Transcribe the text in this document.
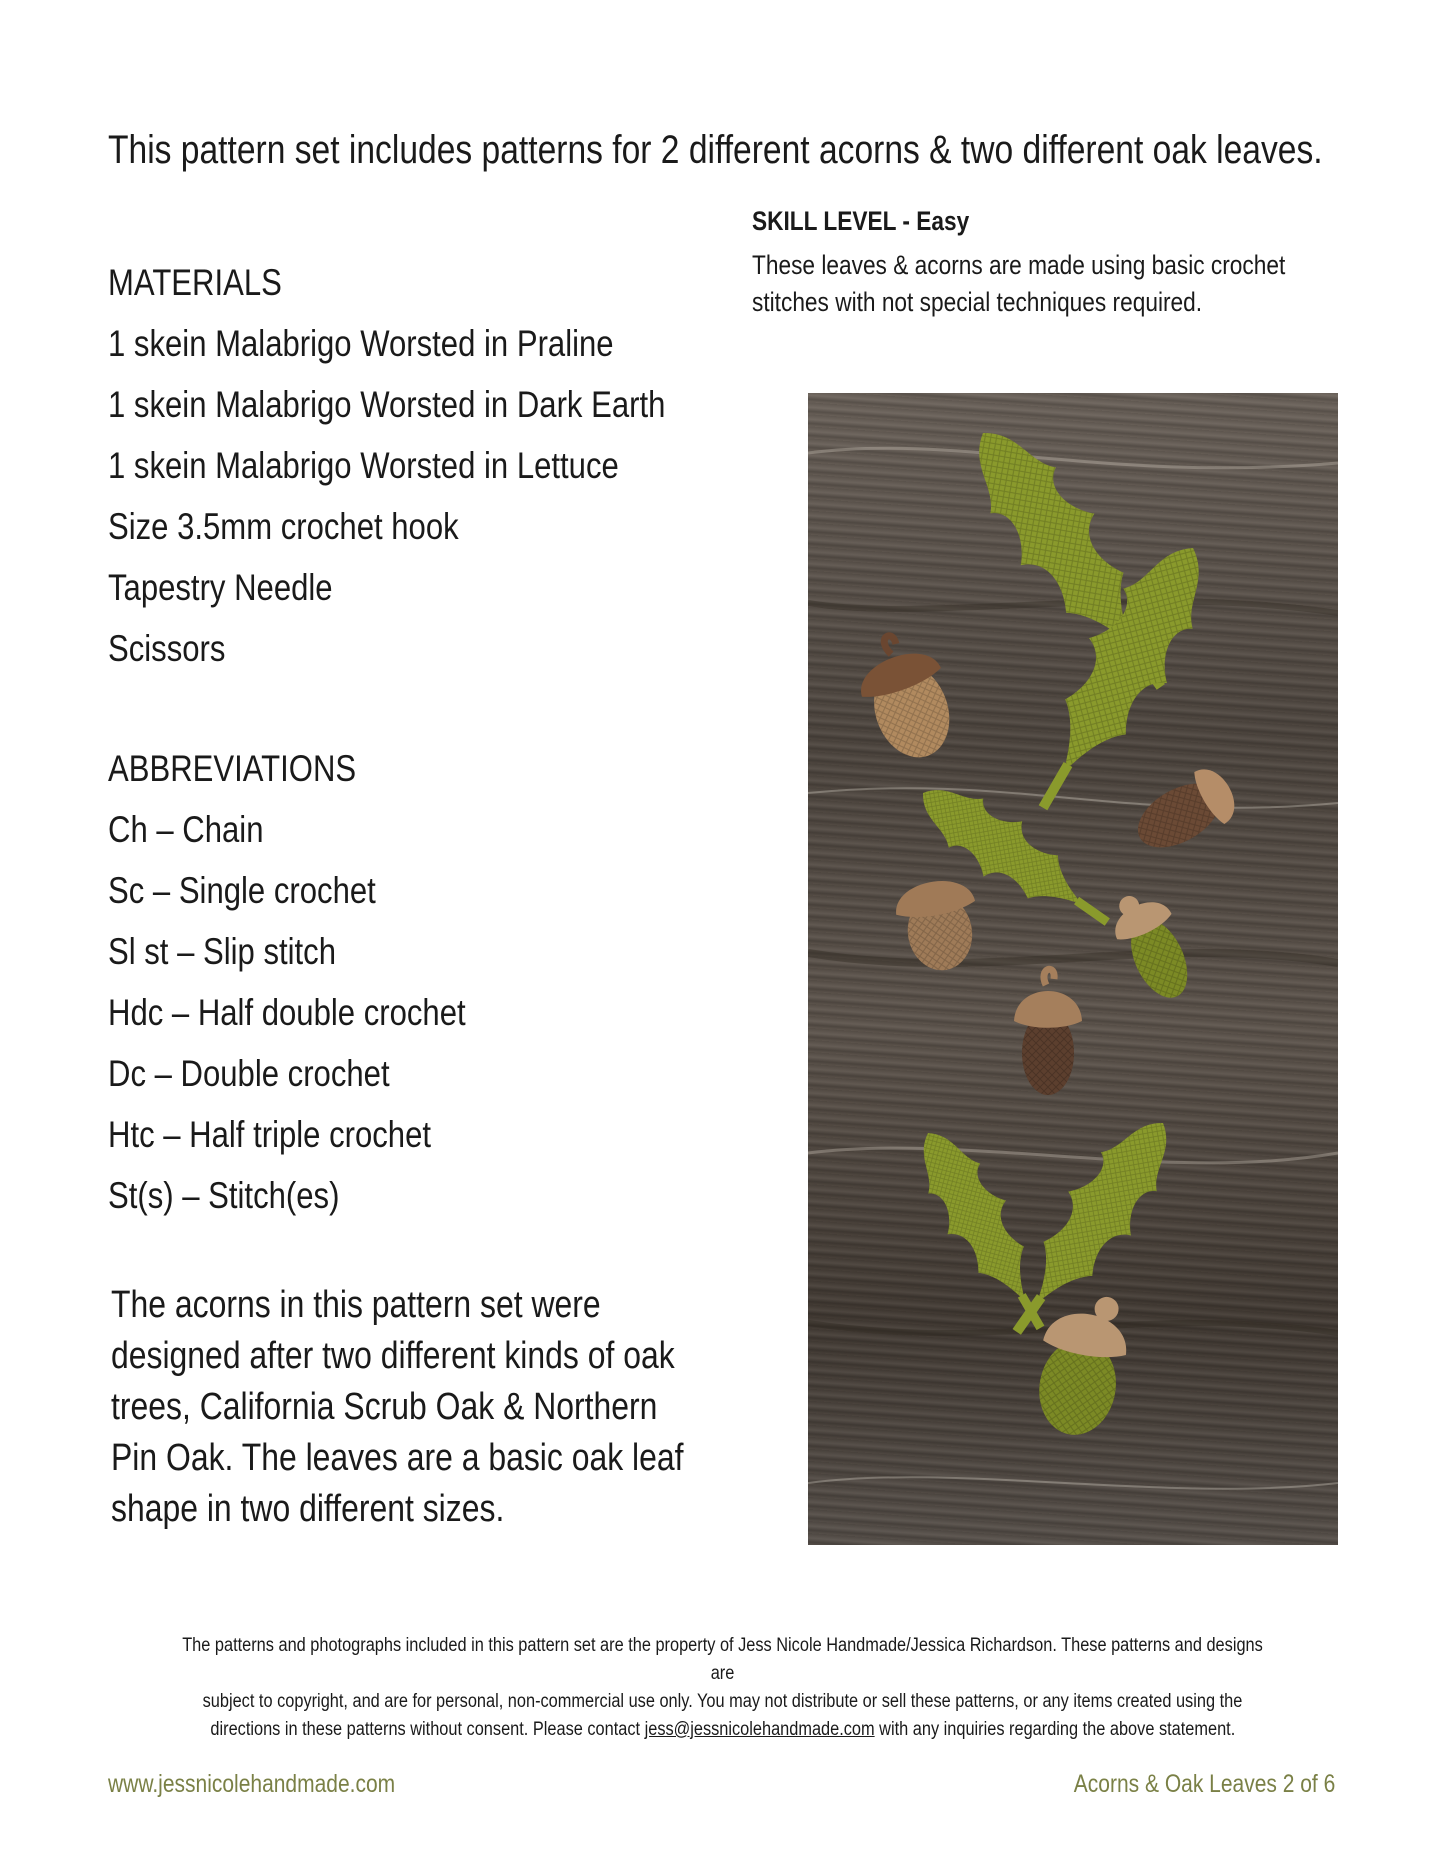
This pattern set includes patterns for 2 different acorns & two different oak leaves.
SKILL LEVEL - Easy
These leaves & acorns are made using basic crochet
stitches with not special techniques required.
MATERIALS
1 skein Malabrigo Worsted in Praline
1 skein Malabrigo Worsted in Dark Earth
1 skein Malabrigo Worsted in Lettuce
Size 3.5mm crochet hook
Tapestry Needle
Scissors
ABBREVIATIONS
Ch – Chain
Sc – Single crochet
Sl st – Slip stitch
Hdc – Half double crochet
Dc – Double crochet
Htc – Half triple crochet
St(s) – Stitch(es)
The acorns in this pattern set were
designed after two different kinds of oak
trees, California Scrub Oak & Northern
Pin Oak. The leaves are a basic oak leaf
shape in two different sizes.
The patterns and photographs included in this pattern set are the property of Jess Nicole Handmade/Jessica Richardson. These patterns and designs are
subject to copyright, and are for personal, non-commercial use only. You may not distribute or sell these patterns, or any items created using the
directions in these patterns without consent. Please contact jess@jessnicolehandmade.com with any inquiries regarding the above statement.
www.jessnicolehandmade.com	Acorns & Oak Leaves 2 of 6
